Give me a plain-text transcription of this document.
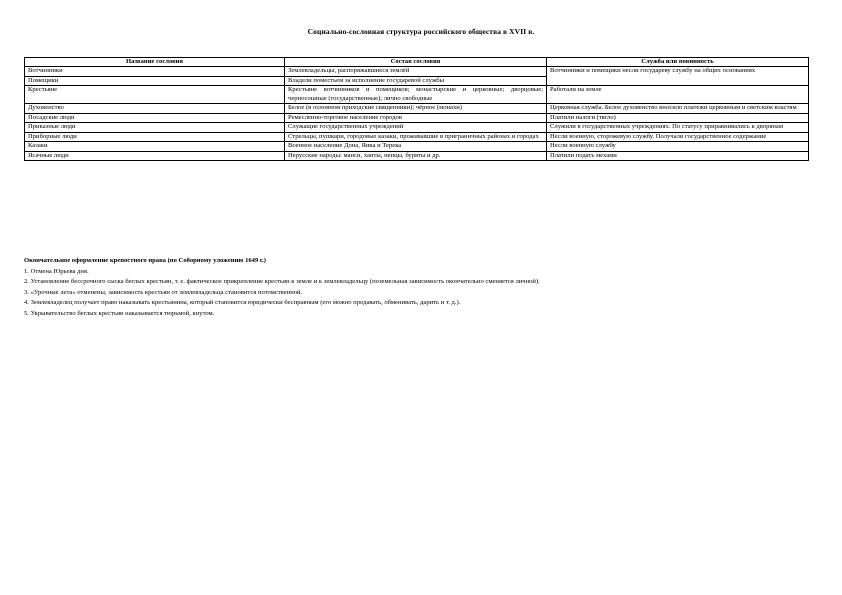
Социально-сословная структура российского общества в XVII в.
Название сословия	Состав сословия	Служба или повинность
Вотчинники	Землевладельцы, распоряжавшиеся землёй	Вотчинники и помещики несли государеву службу на общих основаниях
Помещики	Владели поместьем за исполнение государевой службы	
Крестьяне	Крестьяне вотчинников и помещиков; монастырские и церковные; дворцовые; черносошные (государственные); лично свободные	Работали на земле
Духовенство	Белое (в основном приходские священники); чёрное (монахи)	Церковная служба. Белое духовенство вносило платежи церковным и светским властям
Посадские люди	Ремесленно-торговое население городов	Платили налоги (тягло)
Приказные люди	Служащие государственных учреждений	Служили в государственных учреждениях. По статусу приравнивались к дворянам
Приборные люди	Стрельцы, пушкари, городовые казаки, проживавшие в приграничных районах и городах	Несли военную, сторожевую службу. Получали государственное содержание
Казаки	Военное население Дона, Яика и Терека	Несли военную службу
Ясачные люди	Нерусские народы: манси, ханты, ненцы, буряты и др.	Платили подать мехами
Окончательное оформление крепостного права (по Соборному уложению 1649 г.)
1. Отмена Юрьева дня.
2. Установление бессрочного сыска беглых крестьян, т. е. фактическое прикрепление крестьян к земле и к землевладельцу (поземельная зависимость окончательно сменяется личной).
3. «Урочные лета» отменены, зависимость крестьян от землевладельца становится потомственной.
4. Землевладелец получает право наказывать крестьянина, который становится юридически бесправным (его можно продавать, обменивать, дарить и т. д.).
5. Укрывательство беглых крестьян наказывается тюрьмой, кнутом.
